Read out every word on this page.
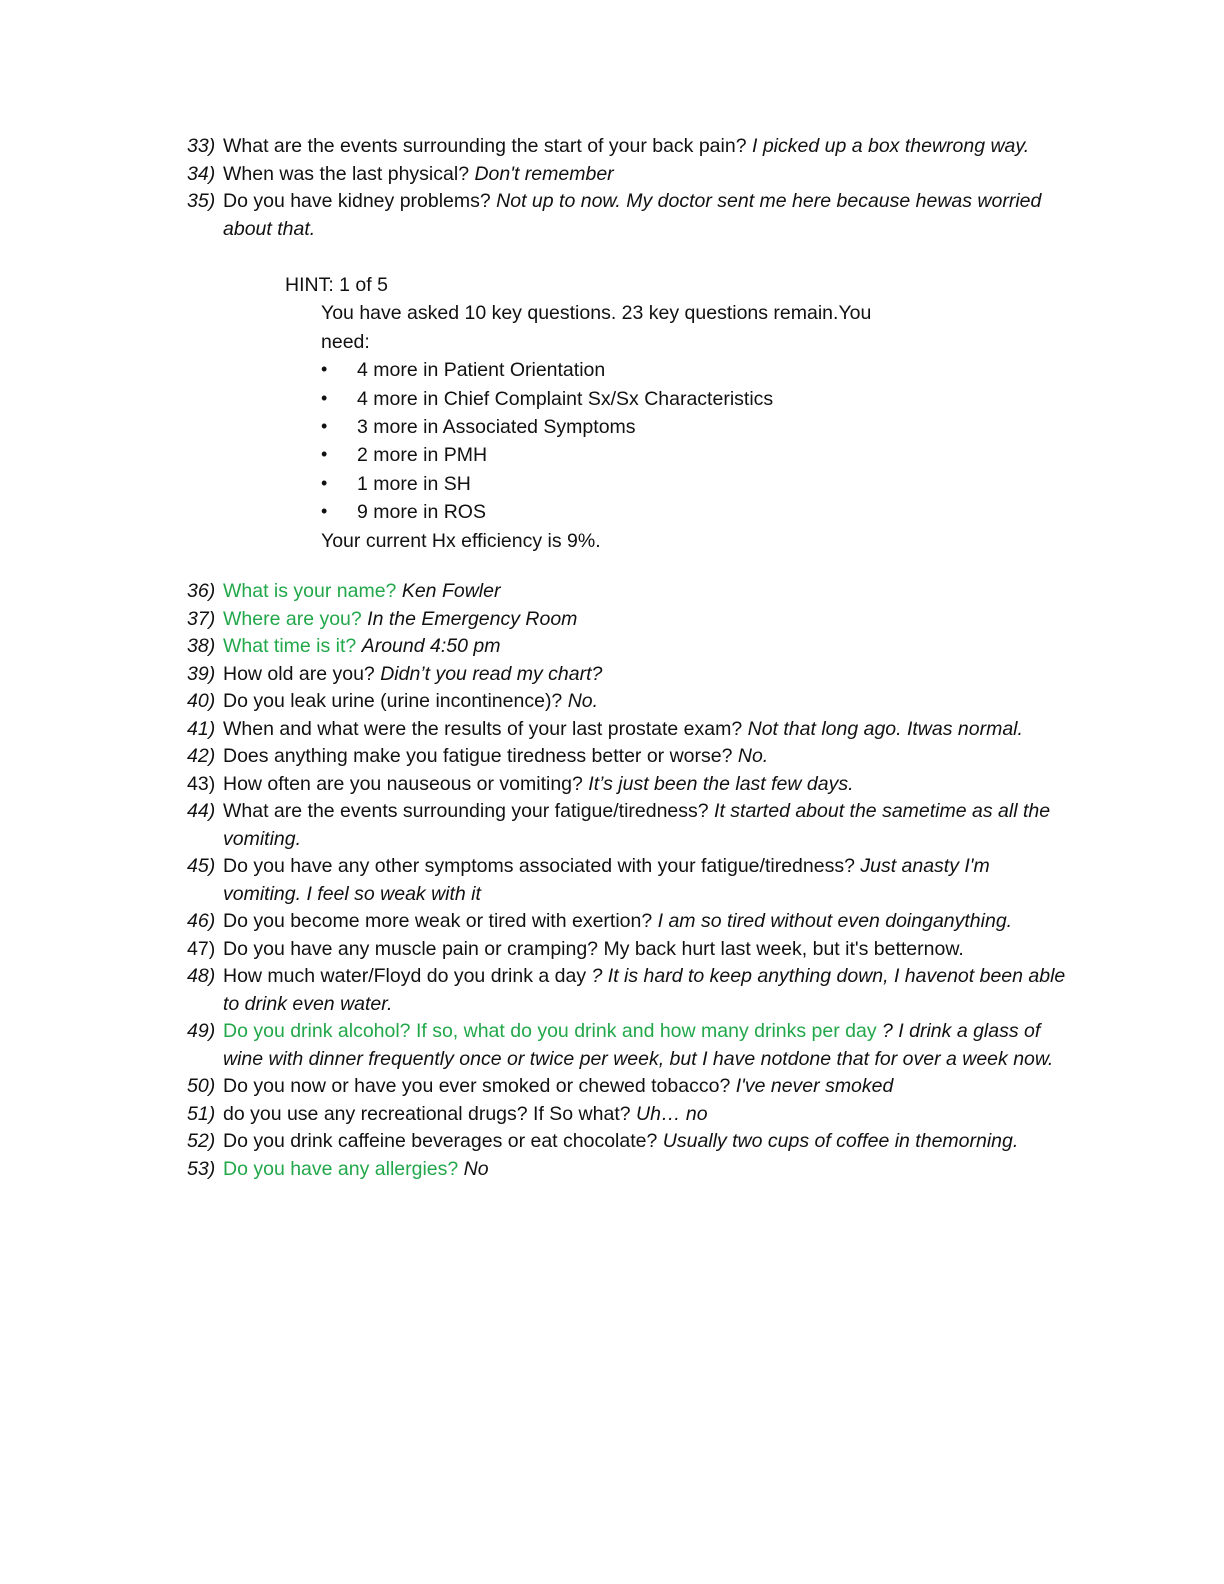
33) What are the events surrounding the start of your back pain? I picked up a box thewrong way.
34) When was the last physical? Don't remember
35) Do you have kidney problems? Not up to now. My doctor sent me here because hewas worried about that.
HINT: 1 of 5
You have asked 10 key questions. 23 key questions remain.You
need:
• 4 more in Patient Orientation
• 4 more in Chief Complaint Sx/Sx Characteristics
• 3 more in Associated Symptoms
• 2 more in PMH
• 1 more in SH
• 9 more in ROS
Your current Hx efficiency is 9%.
36) What is your name? Ken Fowler
37) Where are you? In the Emergency Room
38) What time is it? Around 4:50 pm
39) How old are you? Didn’t you read my chart?
40) Do you leak urine (urine incontinence)? No.
41) When and what were the results of your last prostate exam? Not that long ago. Itwas normal.
42) Does anything make you fatigue tiredness better or worse? No.
43) How often are you nauseous or vomiting? It’s just been the last few days.
44) What are the events surrounding your fatigue/tiredness? It started about the sametime as all the vomiting.
45) Do you have any other symptoms associated with your fatigue/tiredness? Just anasty I'm vomiting. I feel so weak with it
46) Do you become more weak or tired with exertion? I am so tired without even doinganything.
47) Do you have any muscle pain or cramping? My back hurt last week, but it's betternow.
48) How much water/Floyd do you drink a day ? It is hard to keep anything down, I havenot been able to drink even water.
49) Do you drink alcohol? If so, what do you drink and how many drinks per day ? I drink a glass of wine with dinner frequently once or twice per week, but I have notdone that for over a week now.
50) Do you now or have you ever smoked or chewed tobacco? I've never smoked
51) do you use any recreational drugs? If So what? Uh… no
52) Do you drink caffeine beverages or eat chocolate? Usually two cups of coffee in themorning.
53) Do you have any allergies? No
